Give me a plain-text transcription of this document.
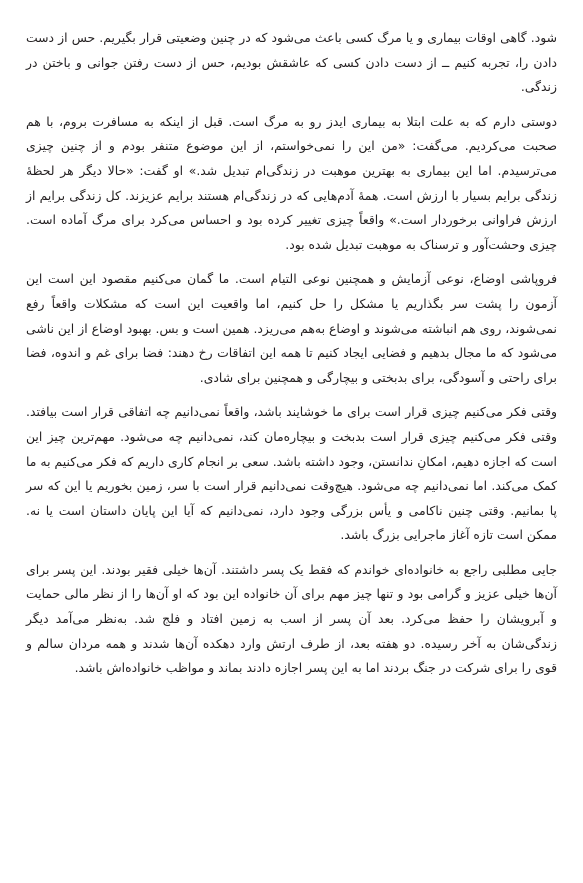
شود. گاهی اوقات بیماری و یا مرگ کسی باعث می‌شود که در چنین وضعیتی قرار بگیریم. حس از دست دادن را، تجربه کنیم ــ از دست دادن کسی که عاشقش بودیم، حس از دست رفتن جوانی و باختن در زندگی.

دوستی دارم که به علت ابتلا به بیماری ایدز رو به مرگ است. قبل از اینکه به مسافرت بروم، با هم صحبت می‌کردیم. می‌گفت: «من این را نمی‌خواستم، از این موضوع متنفر بودم و از چنین چیزی می‌ترسیدم. اما این بیماری به بهترین موهبت در زندگی‌ام تبدیل شد.» او گفت: «حالا دیگر هر لحظهٔ زندگی برایم بسیار با ارزش است. همهٔ آدم‌هایی که در زندگی‌ام هستند برایم عزیزند. کل زندگی برایم از ارزش فراوانی برخوردار است.» واقعاً چیزی تغییر کرده بود و احساس می‌کرد برای مرگ آماده است. چیزی وحشت‌آور و ترسناک به موهبت تبدیل شده بود.

فروپاشی اوضاع، نوعی آزمایش و همچنین نوعی التیام است. ما گمان می‌کنیم مقصود این است این آزمون را پشت سر بگذاریم یا مشکل را حل کنیم، اما واقعیت این است که مشکلات واقعاً رفع نمی‌شوند، روی هم انباشته می‌شوند و اوضاع به‌هم می‌ریزد. همین است و بس. بهبود اوضاع از این ناشی می‌شود که ما مجال بدهیم و فضایی ایجاد کنیم تا همه این اتفاقات رخ دهند: فضا برای غم و اندوه، فضا برای راحتی و آسودگی، برای بدبختی و بیچارگی و همچنین برای شادی.

وقتی فکر می‌کنیم چیزی قرار است برای ما خوشایند باشد، واقعاً نمی‌دانیم چه اتفاقی قرار است بیافتد. وقتی فکر می‌کنیم چیزی قرار است بدبخت و بیچاره‌مان کند، نمی‌دانیم چه می‌شود. مهم‌ترین چیز این است که اجازه دهیم، امکانِ ندانستن، وجود داشته باشد. سعی بر انجام کاری داریم که فکر می‌کنیم به ما کمک می‌کند. اما نمی‌دانیم چه می‌شود. هیچ‌وقت نمی‌دانیم قرار است با سر، زمین بخوریم یا این که سر پا بمانیم. وقتی چنین ناکامی و یأس بزرگی وجود دارد، نمی‌دانیم که آیا این پایان داستان است یا نه. ممکن است تازه آغاز ماجرایی بزرگ باشد.

جایی مطلبی راجع به خانواده‌ای خواندم که فقط یک پسر داشتند. آن‌ها خیلی فقیر بودند. این پسر برای آن‌ها خیلی عزیز و گرامی بود و تنها چیز مهم برای آن خانواده این بود که او آن‌ها را از نظر مالی حمایت و آبرویشان را حفظ می‌کرد. بعد آن پسر از اسب به زمین افتاد و فلج شد. به‌نظر می‌آمد دیگر زندگی‌شان به آخر رسیده. دو هفته بعد، از طرف ارتش وارد دهکده آن‌ها شدند و همه مردان سالم و قوی را برای شرکت در جنگ بردند اما به این پسر اجازه دادند بماند و مواظب خانواده‌اش باشد.
